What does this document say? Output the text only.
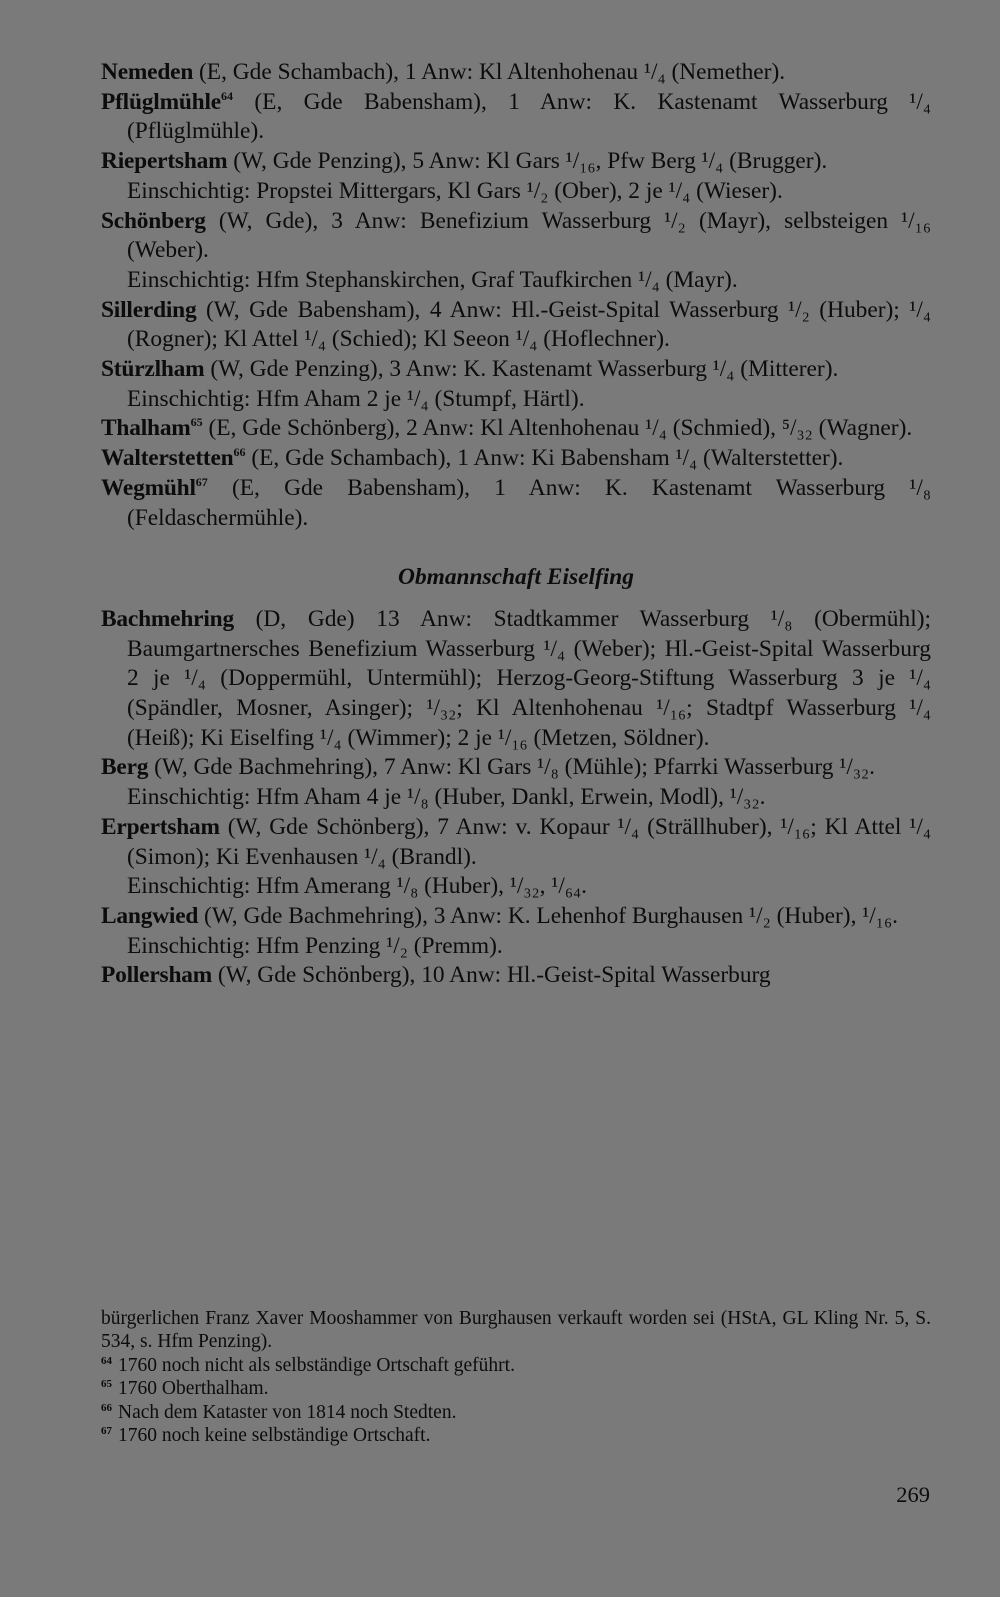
Nemeden (E, Gde Schambach), 1 Anw: Kl Altenhohenau ¹/₄ (Nemether).

Pflüglmühle$^{64}$ (E, Gde Babensham), 1 Anw: K. Kastenamt Wasserburg ¹/₄ (Pflüglmühle).

Riepertsham (W, Gde Penzing), 5 Anw: Kl Gars ¹/₁₆, Pfw Berg ¹/₄ (Brugger).

Einschichtig: Propstei Mittergars, Kl Gars ¹/₂ (Ober), 2 je ¹/₄ (Wieser).

Schönberg (W, Gde), 3 Anw: Benefizium Wasserburg ¹/₂ (Mayr), selbsteigen ¹/₁₆ (Weber).

Einschichtig: Hfm Stephanskirchen, Graf Taufkirchen ¹/₄ (Mayr).

Sillerding (W, Gde Babensham), 4 Anw: Hl.-Geist-Spital Wasserburg ¹/₂ (Huber); ¹/₄ (Rogner); Kl Attel ¹/₄ (Schied); Kl Seeon ¹/₄ (Hoflechner).

Stürzlham (W, Gde Penzing), 3 Anw: K. Kastenamt Wasserburg ¹/₄ (Mitterer).

Einschichtig: Hfm Aham 2 je ¹/₄ (Stumpf, Härtl).

Thalham$^{65}$ (E, Gde Schönberg), 2 Anw: Kl Altenhohenau ¹/₄ (Schmied), ⁵/₃₂ (Wagner).

Walterstetten$^{66}$ (E, Gde Schambach), 1 Anw: Ki Babensham ¹/₄ (Walterstetter).

Wegmühl$^{67}$ (E, Gde Babensham), 1 Anw: K. Kastenamt Wasserburg ¹/₈ (Feldaschermühle).

Obmannschaft Eiselfing

Bachmehring (D, Gde) 13 Anw: Stadtkammer Wasserburg ¹/₈ (Obermühl); Baumgartnersches Benefizium Wasserburg ¹/₄ (Weber); Hl.-Geist-Spital Wasserburg 2 je ¹/₄ (Doppermühl, Untermühl); Herzog-Georg-Stiftung Wasserburg 3 je ¹/₄ (Spändler, Mosner, Asinger); ¹/₃₂; Kl Altenhohenau ¹/₁₆; Stadtpf Wasserburg ¹/₄ (Heiß); Ki Eiselfing ¹/₄ (Wimmer); 2 je ¹/₁₆ (Metzen, Söldner).

Berg (W, Gde Bachmehring), 7 Anw: Kl Gars ¹/₈ (Mühle); Pfarrki Wasserburg ¹/₃₂.

Einschichtig: Hfm Aham 4 je ¹/₈ (Huber, Dankl, Erwein, Modl), ¹/₃₂.

Erpertsham (W, Gde Schönberg), 7 Anw: v. Kopaur ¹/₄ (Strällhuber), ¹/₁₆; Kl Attel ¹/₄ (Simon); Ki Evenhausen ¹/₄ (Brandl).

Einschichtig: Hfm Amerang ¹/₈ (Huber), ¹/₃₂, ¹/₆₄.

Langwied (W, Gde Bachmehring), 3 Anw: K. Lehenhof Burghausen ¹/₂ (Huber), ¹/₁₆.

Einschichtig: Hfm Penzing ¹/₂ (Premm).

Pollersham (W, Gde Schönberg), 10 Anw: Hl.-Geist-Spital Wasserburg

bürgerlichen Franz Xaver Mooshammer von Burghausen verkauft worden sei (HStA, GL Kling Nr. 5, S. 534, s. Hfm Penzing).

$^{64}$ 1760 noch nicht als selbständige Ortschaft geführt.

$^{65}$ 1760 Oberthalham.

$^{66}$ Nach dem Kataster von 1814 noch Stedten.

$^{67}$ 1760 noch keine selbständige Ortschaft.

269
